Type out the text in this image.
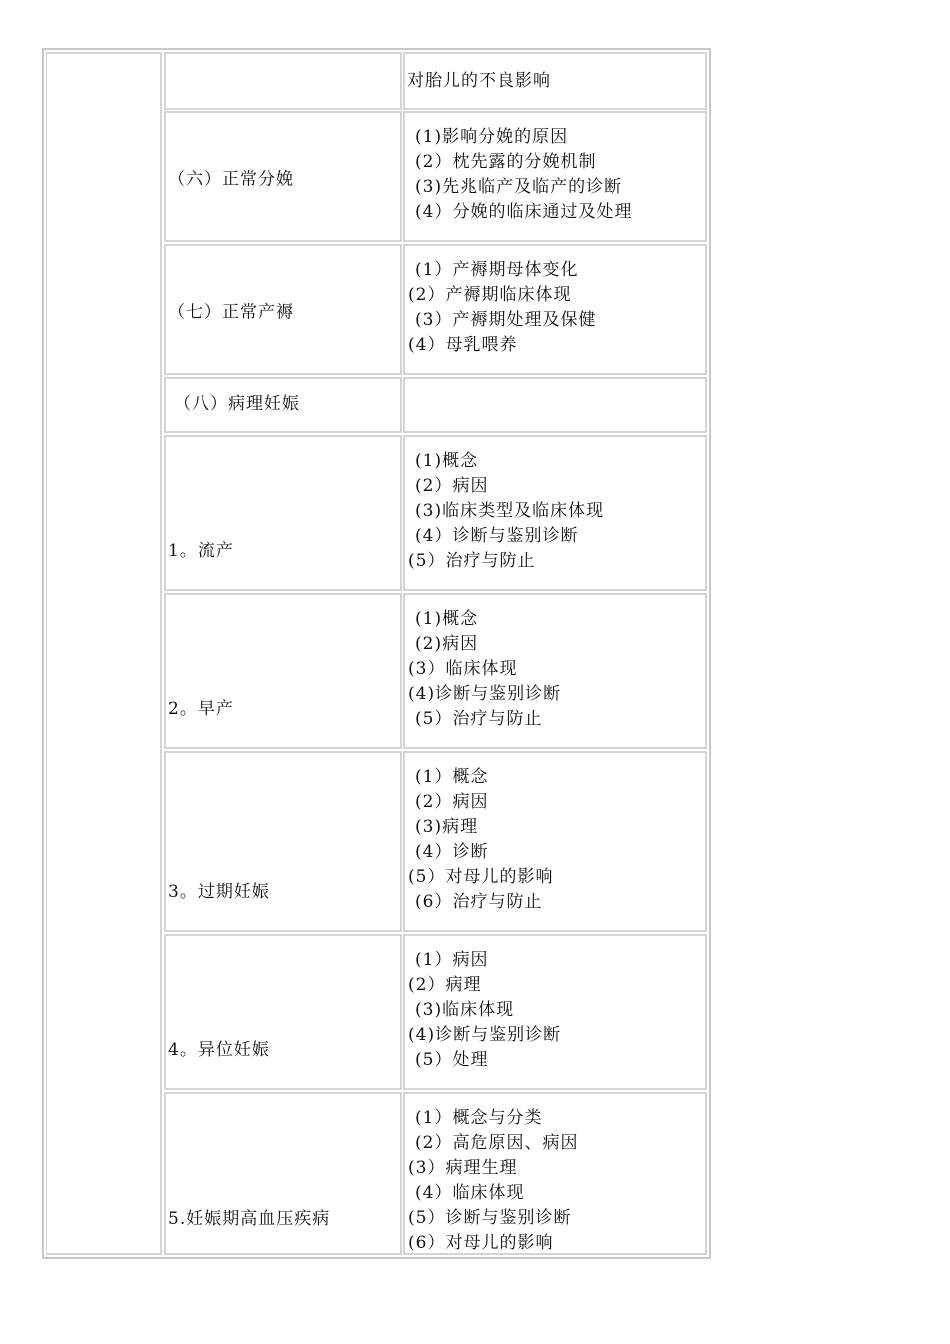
对胎儿的不良影响
（六）正常分娩
(1)影响分娩的原因
(2）枕先露的分娩机制
(3)先兆临产及临产的诊断
(4）分娩的临床通过及处理
（七）正常产褥
(1）产褥期母体变化
(2）产褥期临床体现
(3）产褥期处理及保健
(4）母乳喂养
（八）病理妊娠
1。流产
(1)概念
(2）病因
(3)临床类型及临床体现
(4）诊断与鉴别诊断
(5）治疗与防止
2。早产
(1)概念
(2)病因
(3）临床体现
(4)诊断与鉴别诊断
(5）治疗与防止
3。过期妊娠
(1）概念
(2）病因
(3)病理
(4）诊断
(5）对母儿的影响
(6）治疗与防止
4。异位妊娠
(1）病因
(2）病理
(3)临床体现
(4)诊断与鉴别诊断
(5）处理
5.妊娠期高血压疾病
(1）概念与分类
(2）高危原因、病因
(3）病理生理
(4）临床体现
(5）诊断与鉴别诊断
(6）对母儿的影响
